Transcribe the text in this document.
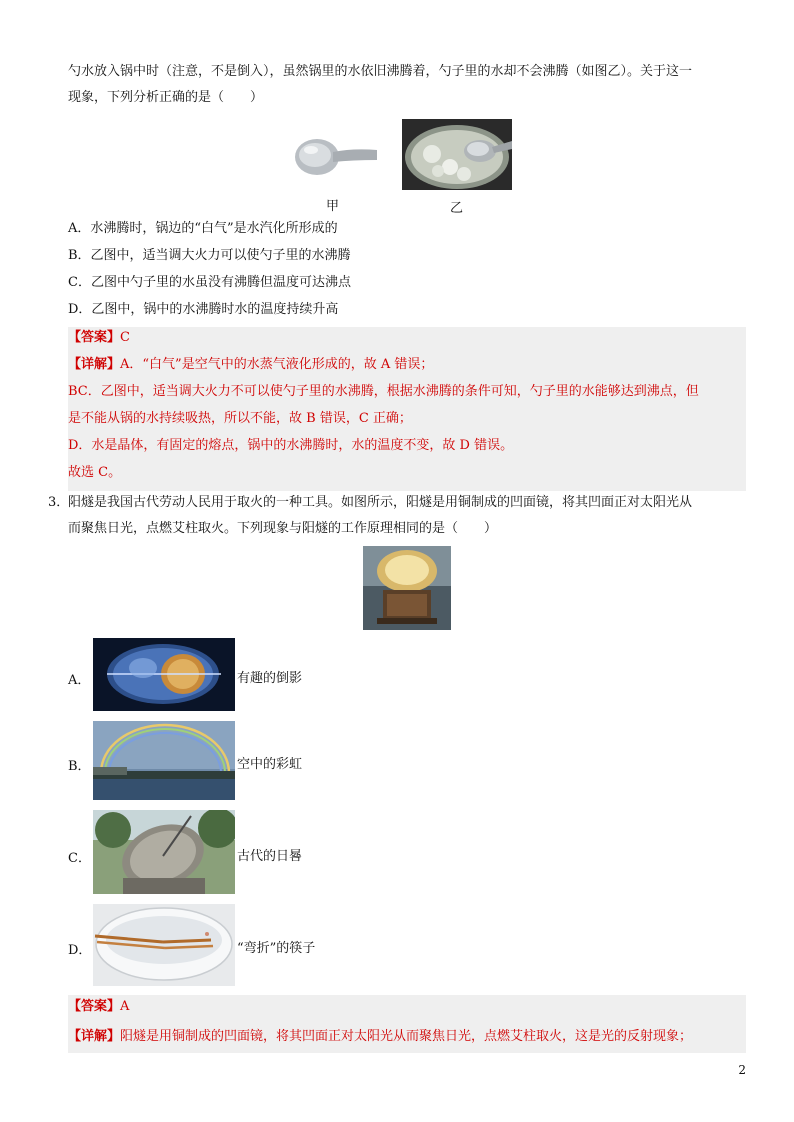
勺水放入锅中时（注意，不是倒入），虽然锅里的水依旧沸腾着，勺子里的水却不会沸腾（如图乙）。关于这一
现象，下列分析正确的是（　　）
甲	乙
A．水沸腾时，锅边的“白气”是水汽化所形成的
B．乙图中，适当调大火力可以使勺子里的水沸腾
C．乙图中勺子里的水虽没有沸腾但温度可达沸点
D．乙图中，锅中的水沸腾时水的温度持续升高
【答案】C
【详解】A．“白气”是空气中的水蒸气液化形成的，故 A 错误；
BC．乙图中，适当调大火力不可以使勺子里的水沸腾，根据水沸腾的条件可知，勺子里的水能够达到沸点，但
是不能从锅的水持续吸热，所以不能，故 B 错误，C 正确；
D．水是晶体，有固定的熔点，锅中的水沸腾时，水的温度不变，故 D 错误。
故选 C。
3．
阳燧是我国古代劳动人民用于取火的一种工具。如图所示，阳燧是用铜制成的凹面镜，将其凹面正对太阳光从
而聚焦日光，点燃艾柱取火。下列现象与阳燧的工作原理相同的是（　　）
A．	有趣的倒影
B．	空中的彩虹
C．	古代的日晷
D．	“弯折”的筷子
【答案】A
【详解】阳燧是用铜制成的凹面镜，将其凹面正对太阳光从而聚焦日光，点燃艾柱取火，这是光的反射现象；
2
